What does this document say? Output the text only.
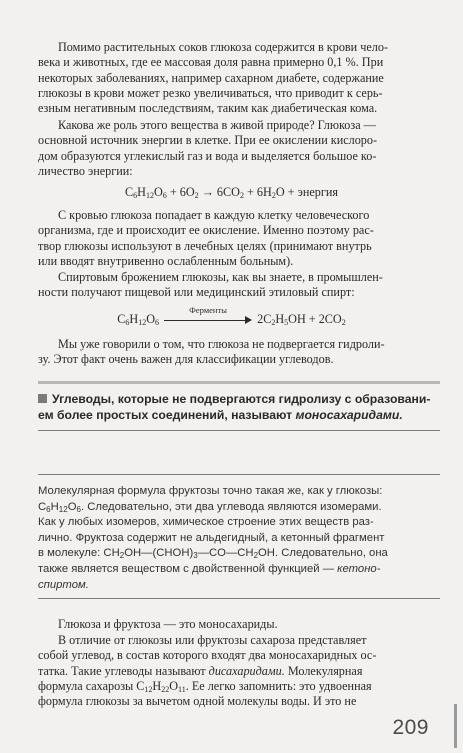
Помимо растительных соков глюкоза содержится в крови чело-
века и животных, где ее массовая доля равна примерно 0,1 %. При
некоторых заболеваниях, например сахарном диабете, содержание
глюкозы в крови может резко увеличиваться, что приводит к серь-
езным негативным последствиям, таким как диабетическая кома.
Какова же роль этого вещества в живой природе? Глюкоза —
основной источник энергии в клетке. При ее окислении кислоро-
дом образуются углекислый газ и вода и выделяется большое ко-
личество энергии:
$C_6H_{12}O_6 + 6O_2 \to 6CO_2 + 6H_2O$ + энергия
С кровью глюкоза попадает в каждую клетку человеческого
организма, где и происходит ее окисление. Именно поэтому рас-
твор глюкозы используют в лечебных целях (принимают внутрь
или вводят внутривенно ослабленным больным).
Спиртовым брожением глюкозы, как вы знаете, в промышлен-
ности получают пищевой или медицинский этиловый спирт:
$C_6H_{12}O_6$
Ферменты
$2C_2H_5OH + 2CO_2$
Мы уже говорили о том, что глюкоза не подвергается гидроли-
зу. Этот факт очень важен для классификации углеводов.
Углеводы, которые не подвергаются гидролизу с образовани-
ем более простых соединений, называют моносахаридами.
Молекулярная формула фруктозы точно такая же, как у глюкозы:
$C_6H_{12}O_6$. Следовательно, эти два углевода являются изомерами.
Как у любых изомеров, химическое строение этих веществ раз-
лично. Фруктоза содержит не альдегидный, а кетонный фрагмент
в молекуле: $CH_2OH—(CHOH)_3—CO—CH_2OH$. Следовательно, она
также является веществом с двойственной функцией — кетоно-
спиртом.
Глюкоза и фруктоза — это моносахариды.
В отличие от глюкозы или фруктозы сахароза представляет
собой углевод, в состав которого входят два моносахаридных ос-
татка. Такие углеводы называют дисахаридами. Молекулярная
формула сахарозы $C_{12}H_{22}O_{11}$. Ее легко запомнить: это удвоенная
формула глюкозы за вычетом одной молекулы воды. И это не
209
